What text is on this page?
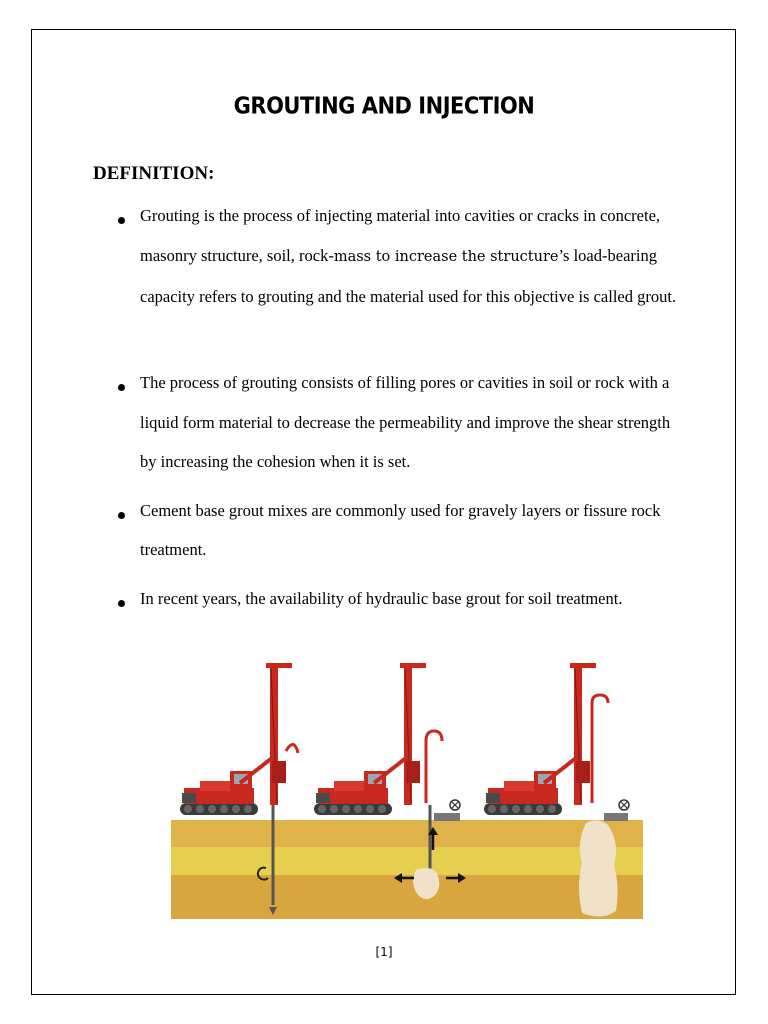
GROUTING AND INJECTION
DEFINITION:

Grouting is the process of injecting material into cavities or cracks in concrete, masonry structure, soil, rock-mass to increase the structure’s load-bearing capacity refers to grouting and the material used for this objective is called grout.

The process of grouting consists of filling pores or cavities in soil or rock with a liquid form material to decrease the permeability and improve the shear strength by increasing the cohesion when it is set.

Cement base grout mixes are commonly used for gravely layers or fissure rock treatment.

In recent years, the availability of hydraulic base grout for soil treatment.

[1]
